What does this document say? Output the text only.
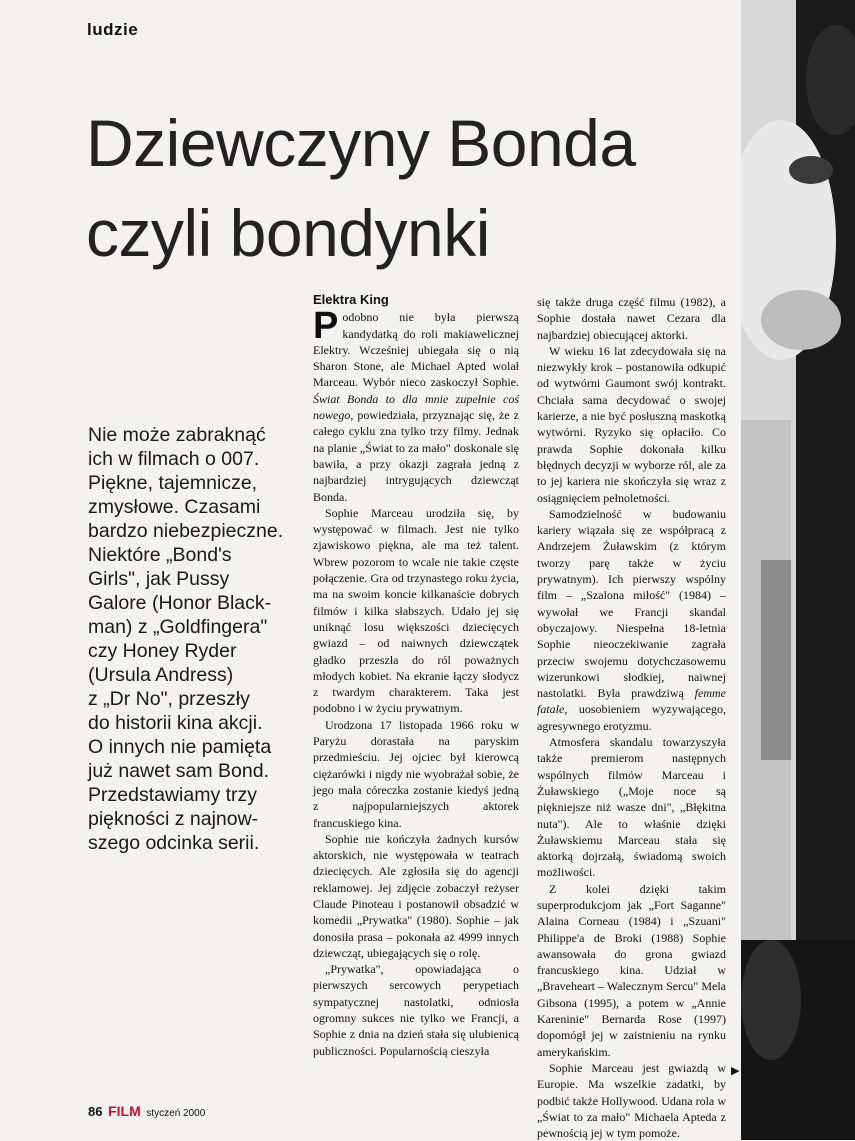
ludzie
Dziewczyny Bonda
czyli bondynki
Nie może zabraknąć
ich w filmach o 007.
Piękne, tajemnicze,
zmysłowe. Czasami
bardzo niebezpieczne.
Niektóre „Bond's
Girls", jak Pussy
Galore (Honor Black-
man) z „Goldfingera"
czy Honey Ryder
(Ursula Andress)
z „Dr No", przeszły
do historii kina akcji.
O innych nie pamięta
już nawet sam Bond.
Przedstawiamy trzy
piękności z najnow-
szego odcinka serii.
Elektra King

Podobno nie była pierwszą kandydatką do roli makiawelicznej Elektry. Wcześniej ubiegała się o nią Sharon Stone, ale Michael Apted wolał Marceau. Wybór nieco zaskoczył Sophie. Świat Bonda to dla mnie zupełnie coś nowego, powiedziała, przyznając się, że z całego cyklu zna tylko trzy filmy. Jednak na planie „Świat to za mało" doskonale się bawiła, a przy okazji zagrała jedną z najbardziej intrygujących dziewcząt Bonda.

Sophie Marceau urodziła się, by występować w filmach. Jest nie tylko zjawiskowo piękna, ale ma też talent. Wbrew pozorom to wcale nie takie częste połączenie. Gra od trzynastego roku życia, ma na swoim koncie kilkanaście dobrych filmów i kilka słabszych. Udało jej się uniknąć losu większości dziecięcych gwiazd – od naiwnych dziewczątek gładko przeszła do ról poważnych młodych kobiet. Na ekranie łączy słodycz z twardym charakterem. Taka jest podobno i w życiu prywatnym.

Urodzona 17 listopada 1966 roku w Paryżu dorastała na paryskim przedmieściu. Jej ojciec był kierowcą ciężarówki i nigdy nie wyobrażał sobie, że jego mała córeczka zostanie kiedyś jedną z najpopularniejszych aktorek francuskiego kina.

Sophie nie kończyła żadnych kursów aktorskich, nie występowała w teatrach dziecięcych. Ale zgłosiła się do agencji reklamowej. Jej zdjęcie zobaczył reżyser Claude Pinoteau i postanowił obsadzić w komedii „Prywatka" (1980). Sophie – jak donosiła prasa – pokonała aż 4999 innych dziewcząt, ubiegających się o rolę.

„Prywatka", opowiadająca o pierwszych sercowych perypetiach sympatycznej nastolatki, odniosła ogromny sukces nie tylko we Francji, a Sophie z dnia na dzień stała się ulubienicą publiczności. Popularnością cieszyła

się także druga część filmu (1982), a Sophie dostała nawet Cezara dla najbardziej obiecującej aktorki.

W wieku 16 lat zdecydowała się na niezwykły krok – postanowiła odkupić od wytwórni Gaumont swój kontrakt. Chciała sama decydować o swojej karierze, a nie być posłuszną maskotką wytwórni. Ryzyko się opłaciło. Co prawda Sophie dokonała kilku błędnych decyzji w wyborze ról, ale za to jej kariera nie skończyła się wraz z osiągnięciem pełnoletności.

Samodzielność w budowaniu kariery wiązała się ze współpracą z Andrzejem Żuławskim (z którym tworzy parę także w życiu prywatnym). Ich pierwszy wspólny film – „Szalona miłość" (1984) – wywołał we Francji skandal obyczajowy. Niespełna 18-letnia Sophie nieoczekiwanie zagrała przeciw swojemu dotychczasowemu wizerunkowi słodkiej, naiwnej nastolatki. Była prawdziwą femme fatale, uosobieniem wyzywającego, agresywnego erotyzmu.

Atmosfera skandalu towarzyszyła także premierom następnych wspólnych filmów Marceau i Żuławskiego („Moje noce są piękniejsze niż wasze dni", „Błękitna nuta"). Ale to właśnie dzięki Żuławskiemu Marceau stała się aktorką dojrzałą, świadomą swoich możliwości.

Z kolei dzięki takim superprodukcjom jak „Fort Saganne" Alaina Corneau (1984) i „Szuani" Philippe'a de Broki (1988) Sophie awansowała do grona gwiazd francuskiego kina. Udział w „Braveheart – Walecznym Sercu" Mela Gibsona (1995), a potem w „Annie Kareninie" Bernarda Rose (1997) dopomógł jej w zaistnieniu na rynku amerykańskim.

Sophie Marceau jest gwiazdą w Europie. Ma wszelkie zadatki, by podbić także Hollywood. Udana rola w „Świat to za mało" Michaela Apteda z pewnością jej w tym pomoże.

▶
86 FILM styczeń 2000
